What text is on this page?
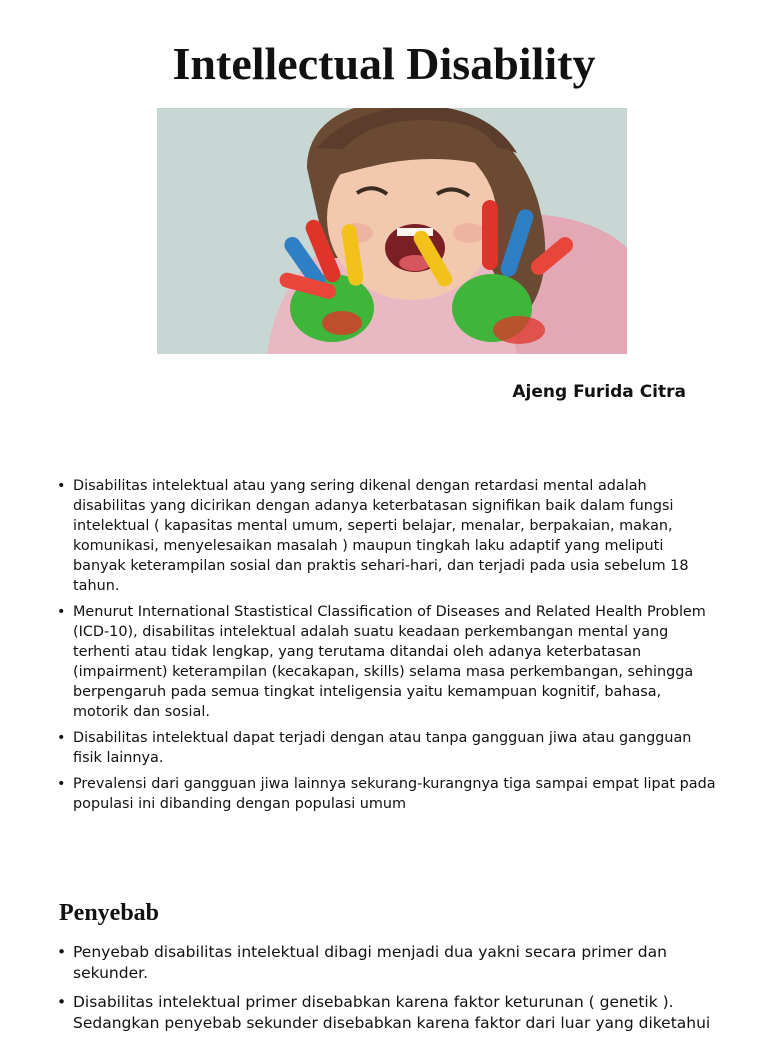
Intellectual Disability
Ajeng Furida Citra
• Disabilitas intelektual atau yang sering dikenal dengan retardasi mental adalah disabilitas yang dicirikan dengan adanya keterbatasan signifikan baik dalam fungsi intelektual ( kapasitas mental umum, seperti belajar, menalar, berpakaian, makan, komunikasi, menyelesaikan masalah ) maupun tingkah laku adaptif yang meliputi banyak keterampilan sosial dan praktis sehari-hari, dan terjadi pada usia sebelum 18 tahun.
• Menurut International Stastistical Classification of Diseases and Related Health Problem (ICD-10), disabilitas intelektual adalah suatu keadaan perkembangan mental yang terhenti atau tidak lengkap, yang terutama ditandai oleh adanya keterbatasan (impairment) keterampilan (kecakapan, skills) selama masa perkembangan, sehingga berpengaruh pada semua tingkat inteligensia yaitu kemampuan kognitif, bahasa, motorik dan sosial.
• Disabilitas intelektual dapat terjadi dengan atau tanpa gangguan jiwa atau gangguan fisik lainnya.
• Prevalensi dari gangguan jiwa lainnya sekurang-kurangnya tiga sampai empat lipat pada populasi ini dibanding dengan populasi umum
Penyebab
• Penyebab disabilitas intelektual dibagi menjadi dua yakni secara primer dan sekunder.
• Disabilitas intelektual primer disebabkan karena faktor keturunan ( genetik ). Sedangkan penyebab sekunder disebabkan karena faktor dari luar yang diketahui
